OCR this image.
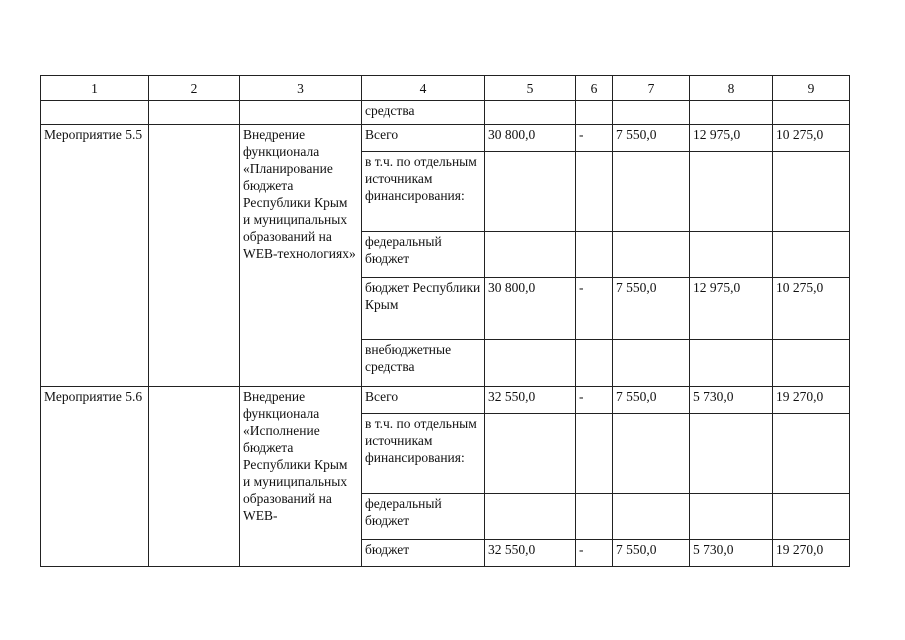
1	2	3	4	5	6	7	8	9
			средства					
Мероприятие 5.5		Внедрение функционала «Планирование бюджета Республики Крым и муниципальных образований на WEB-технологиях»	Всего	30 800,0	-	7 550,0	12 975,0	10 275,0
			в т.ч. по отдельным источникам финансирования:					
			федеральный бюджет					
			бюджет Республики Крым	30 800,0	-	7 550,0	12 975,0	10 275,0
			внебюджетные средства					
Мероприятие 5.6		Внедрение функционала «Исполнение бюджета Республики Крым и муниципальных образований на WEB-	Всего	32 550,0	-	7 550,0	5 730,0	19 270,0
			в т.ч. по отдельным источникам финансирования:					
			федеральный бюджет					
			бюджет	32 550,0	-	7 550,0	5 730,0	19 270,0
